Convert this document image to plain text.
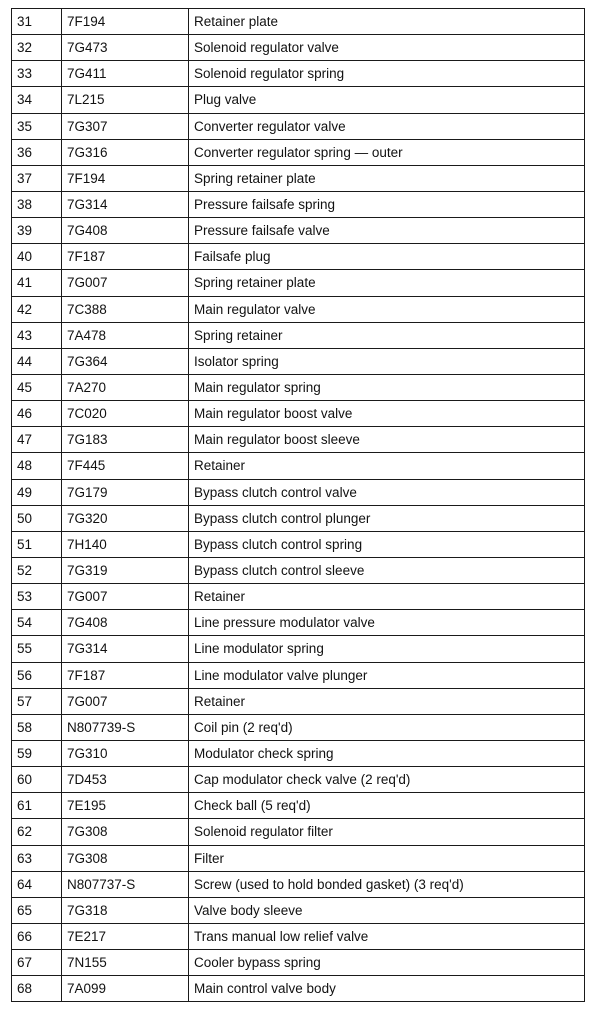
31	7F194	Retainer plate
32	7G473	Solenoid regulator valve
33	7G411	Solenoid regulator spring
34	7L215	Plug valve
35	7G307	Converter regulator valve
36	7G316	Converter regulator spring — outer
37	7F194	Spring retainer plate
38	7G314	Pressure failsafe spring
39	7G408	Pressure failsafe valve
40	7F187	Failsafe plug
41	7G007	Spring retainer plate
42	7C388	Main regulator valve
43	7A478	Spring retainer
44	7G364	Isolator spring
45	7A270	Main regulator spring
46	7C020	Main regulator boost valve
47	7G183	Main regulator boost sleeve
48	7F445	Retainer
49	7G179	Bypass clutch control valve
50	7G320	Bypass clutch control plunger
51	7H140	Bypass clutch control spring
52	7G319	Bypass clutch control sleeve
53	7G007	Retainer
54	7G408	Line pressure modulator valve
55	7G314	Line modulator spring
56	7F187	Line modulator valve plunger
57	7G007	Retainer
58	N807739-S	Coil pin (2 req'd)
59	7G310	Modulator check spring
60	7D453	Cap modulator check valve (2 req'd)
61	7E195	Check ball (5 req'd)
62	7G308	Solenoid regulator filter
63	7G308	Filter
64	N807737-S	Screw (used to hold bonded gasket) (3 req'd)
65	7G318	Valve body sleeve
66	7E217	Trans manual low relief valve
67	7N155	Cooler bypass spring
68	7A099	Main control valve body
